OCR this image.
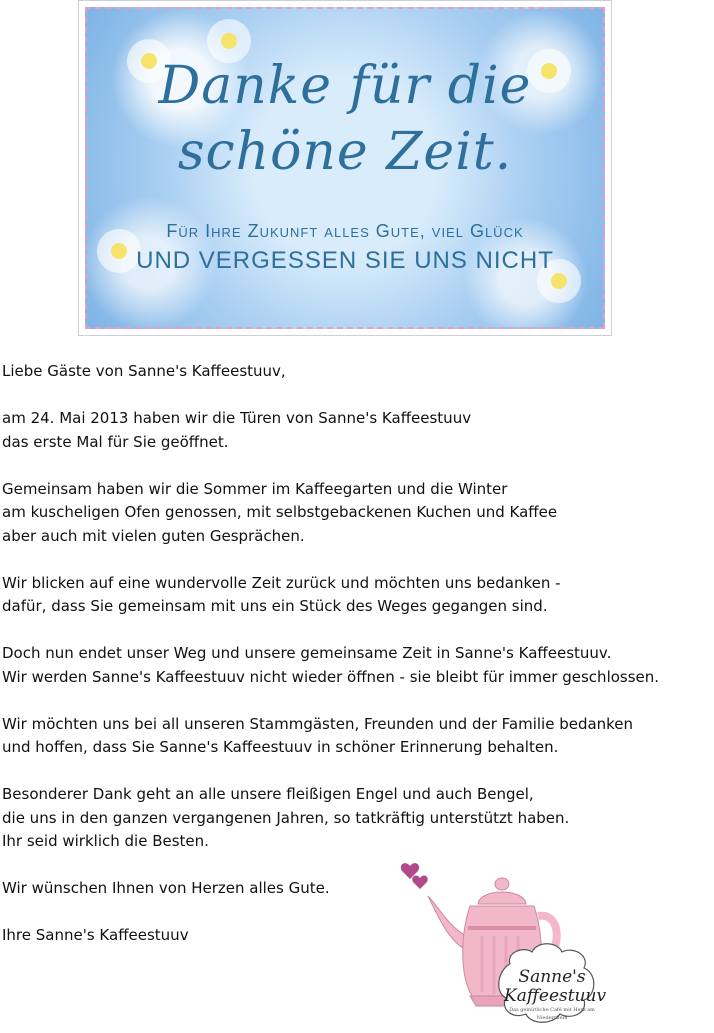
Danke für die
schöne Zeit.
Für Ihre Zukunft alles Gute, viel Glück
UND VERGESSEN SIE UNS NICHT

Liebe Gäste von Sanne's Kaffeestuuv,

am 24. Mai 2013 haben wir die Türen von Sanne's Kaffeestuuv
das erste Mal für Sie geöffnet.

Gemeinsam haben wir die Sommer im Kaffeegarten und die Winter
am kuscheligen Ofen genossen, mit selbstgebackenen Kuchen und Kaffee
aber auch mit vielen guten Gesprächen.

Wir blicken auf eine wundervolle Zeit zurück und möchten uns bedanken -
dafür, dass Sie gemeinsam mit uns ein Stück des Weges gegangen sind.

Doch nun endet unser Weg und unsere gemeinsame Zeit in Sanne's Kaffeestuuv.
Wir werden Sanne's Kaffeestuuv nicht wieder öffnen - sie bleibt für immer geschlossen.

Wir möchten uns bei all unseren Stammgästen, Freunden und der Familie bedanken
und hoffen, dass Sie Sanne's Kaffeestuuv in schöner Erinnerung behalten.

Besonderer Dank geht an alle unsere fleißigen Engel und auch Bengel,
die uns in den ganzen vergangenen Jahren, so tatkräftig unterstützt haben.
Ihr seid wirklich die Besten.

Wir wünschen Ihnen von Herzen alles Gute.

Ihre Sanne's Kaffeestuuv

Sanne's
Kaffeestuuv
Das gemütliche Café mit Herz am Niederrhein
